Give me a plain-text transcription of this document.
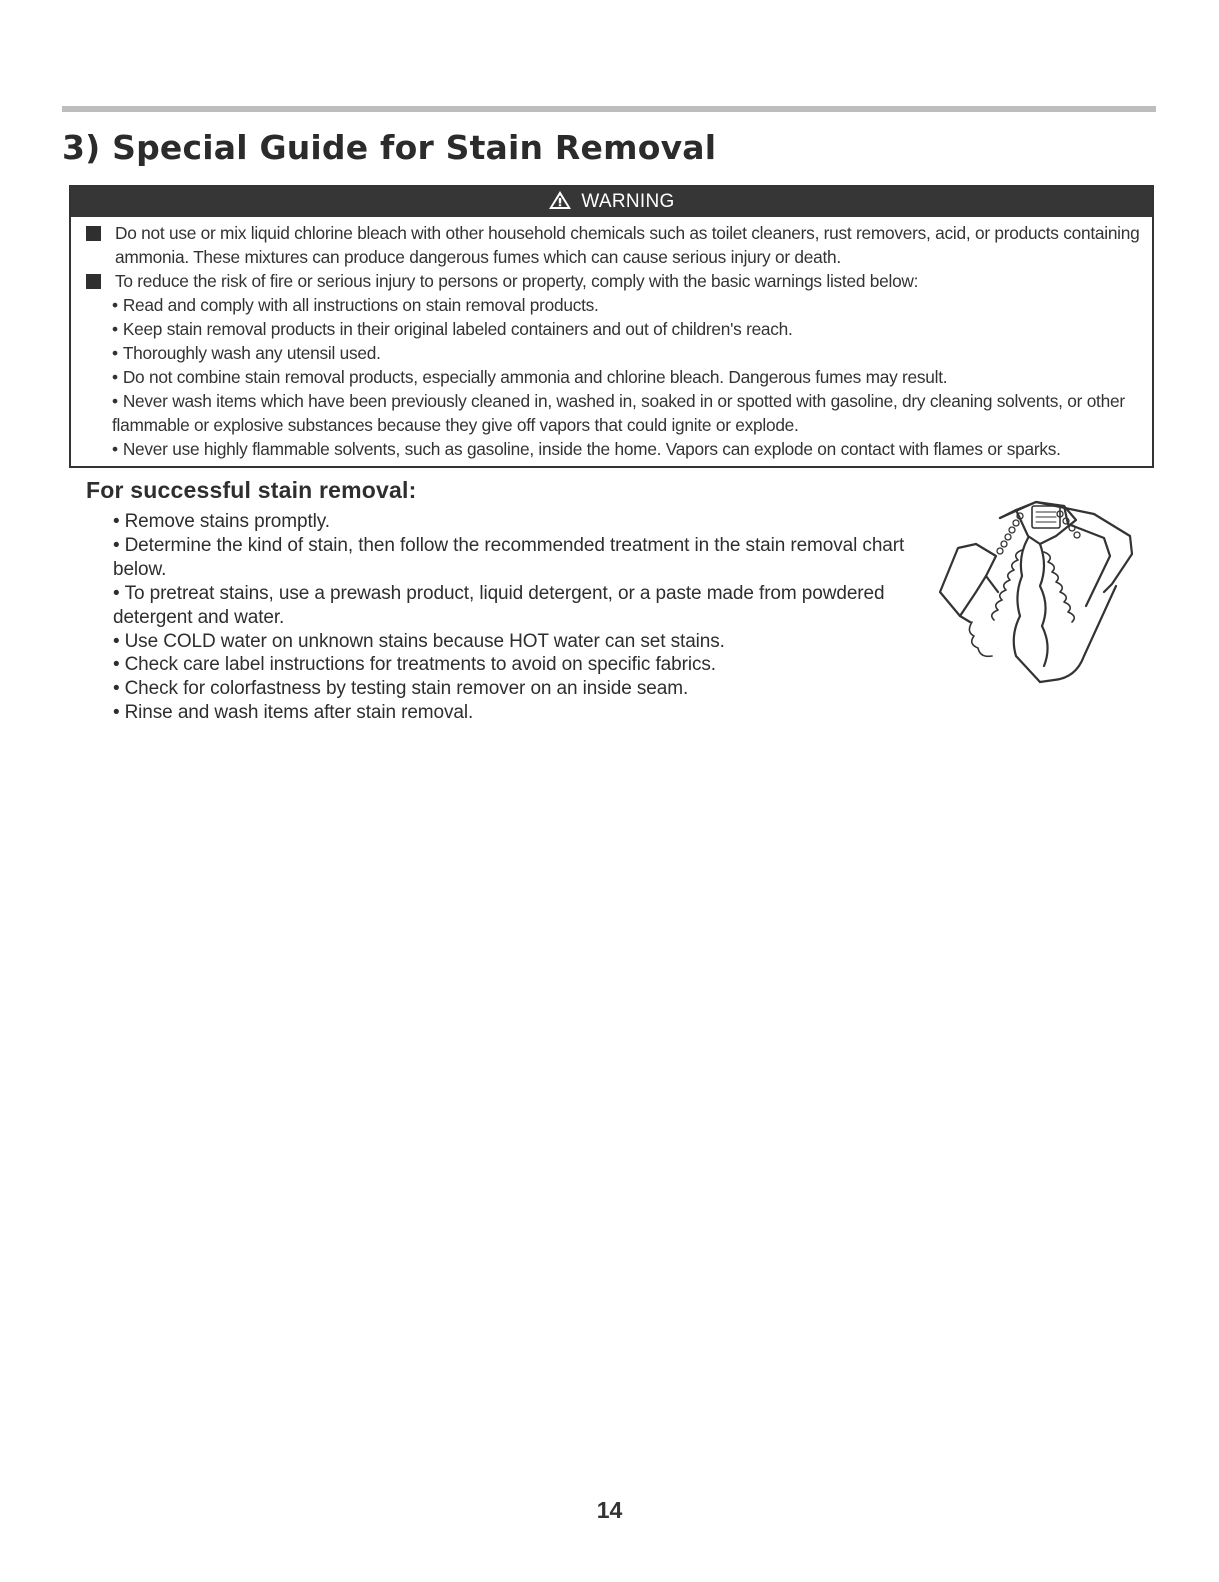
3) Special Guide for Stain Removal
WARNING
Do not use or mix liquid chlorine bleach with other household chemicals such as toilet cleaners, rust removers, acid, or products containing ammonia. These mixtures can produce dangerous fumes which can cause serious injury or death.
To reduce the risk of fire or serious injury to persons or property, comply with the basic warnings listed below:
• Read and comply with all instructions on stain removal products.
• Keep stain removal products in their original labeled containers and out of children's reach.
• Thoroughly wash any utensil used.
• Do not combine stain removal products, especially ammonia and chlorine bleach. Dangerous fumes may result.
• Never wash items which have been previously cleaned in, washed in, soaked in or spotted with gasoline, dry cleaning solvents, or other flammable or explosive substances because they give off vapors that could ignite or explode.
• Never use highly flammable solvents, such as gasoline, inside the home. Vapors can explode on contact with flames or sparks.
For successful stain removal:
• Remove stains promptly.
• Determine the kind of stain, then follow the recommended treatment in the stain removal chart below.
• To pretreat stains, use a prewash product, liquid detergent, or a paste made from powdered detergent and water.
• Use COLD water on unknown stains because HOT water can set stains.
• Check care label instructions for treatments to avoid on specific fabrics.
• Check for colorfastness by testing stain remover on an inside seam.
• Rinse and wash items after stain removal.
14
